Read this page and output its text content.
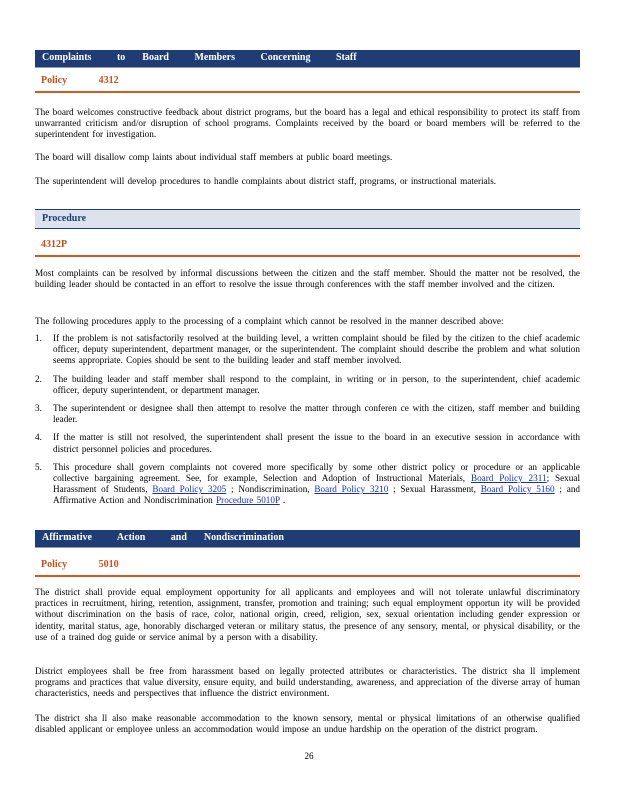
Complaints   to  Board   Members   Concerning   Staff
Policy   4312

The board welcomes constructive feedback about district programs, but the board has a legal and ethical responsibility to protect its staff from unwarranted criticism and/or disruption of school programs. Complaints received by the board or board members will be referred to the superintendent for investigation.

The board will disallow comp laints about individual staff members at public board meetings.

The superintendent will develop procedures to handle complaints about district staff, programs, or instructional materials.

Procedure
4312P

Most complaints can be resolved by informal discussions between the citizen and the staff member. Should the matter not be resolved, the building leader should be contacted in an effort to resolve the issue through conferences with the staff member involved and the citizen.

The following procedures apply to the processing of a complaint which cannot be resolved in the manner described above:

1. If the problem is not satisfactorily resolved at the building level, a written complaint should be filed by the citizen to the chief academic officer, deputy superintendent, department manager, or the superintendent. The complaint should describe the problem and what solution seems appropriate. Copies should be sent to the building leader and staff member involved.
2. The building leader and staff member shall respond to the complaint, in writing or in person, to the superintendent, chief academic officer, deputy superintendent, or department manager.
3. The superintendent or designee shall then attempt to resolve the matter through conferen ce with the citizen, staff member and building leader.
4. If the matter is still not resolved, the superintendent shall present the issue to the board in an executive session in accordance with district personnel policies and procedures.
5. This procedure shall govern complaints not covered more specifically by some other district policy or procedure or an applicable collective bargaining agreement. See, for example, Selection and Adoption of Instructional Materials, Board Policy 2311; Sexual Harassment of Students, Board Policy 3205 ; Nondiscrimination, Board Policy 3210 ; Sexual Harassment, Board Policy 5160 ; and Affirmative Action and Nondiscrimination Procedure 5010P .
Affirmative   Action   and  Nondiscrimination
Policy   5010

The district shall provide equal employment opportunity for all applicants and employees and will not tolerate unlawful discriminatory practices in recruitment, hiring, retention, assignment, transfer, promotion and training; such equal employment opportun ity will be provided without discrimination on the basis of race, color, national origin, creed, religion, sex, sexual orientation including gender expression or identity, marital status, age, honorably discharged veteran or military status, the presence of any sensory, mental, or physical disability, or the use of a trained dog guide or service animal by a person with a disability.

District employees shall be free from harassment based on legally protected attributes or characteristics. The district sha ll implement programs and practices that value diversity, ensure equity, and build understanding, awareness, and appreciation of the diverse array of human characteristics, needs and perspectives that influence the district environment.

The district sha ll also make reasonable accommodation to the known sensory, mental or physical limitations of an otherwise qualified disabled applicant or employee unless an accommodation would impose an undue hardship on the operation of the district program.

26
